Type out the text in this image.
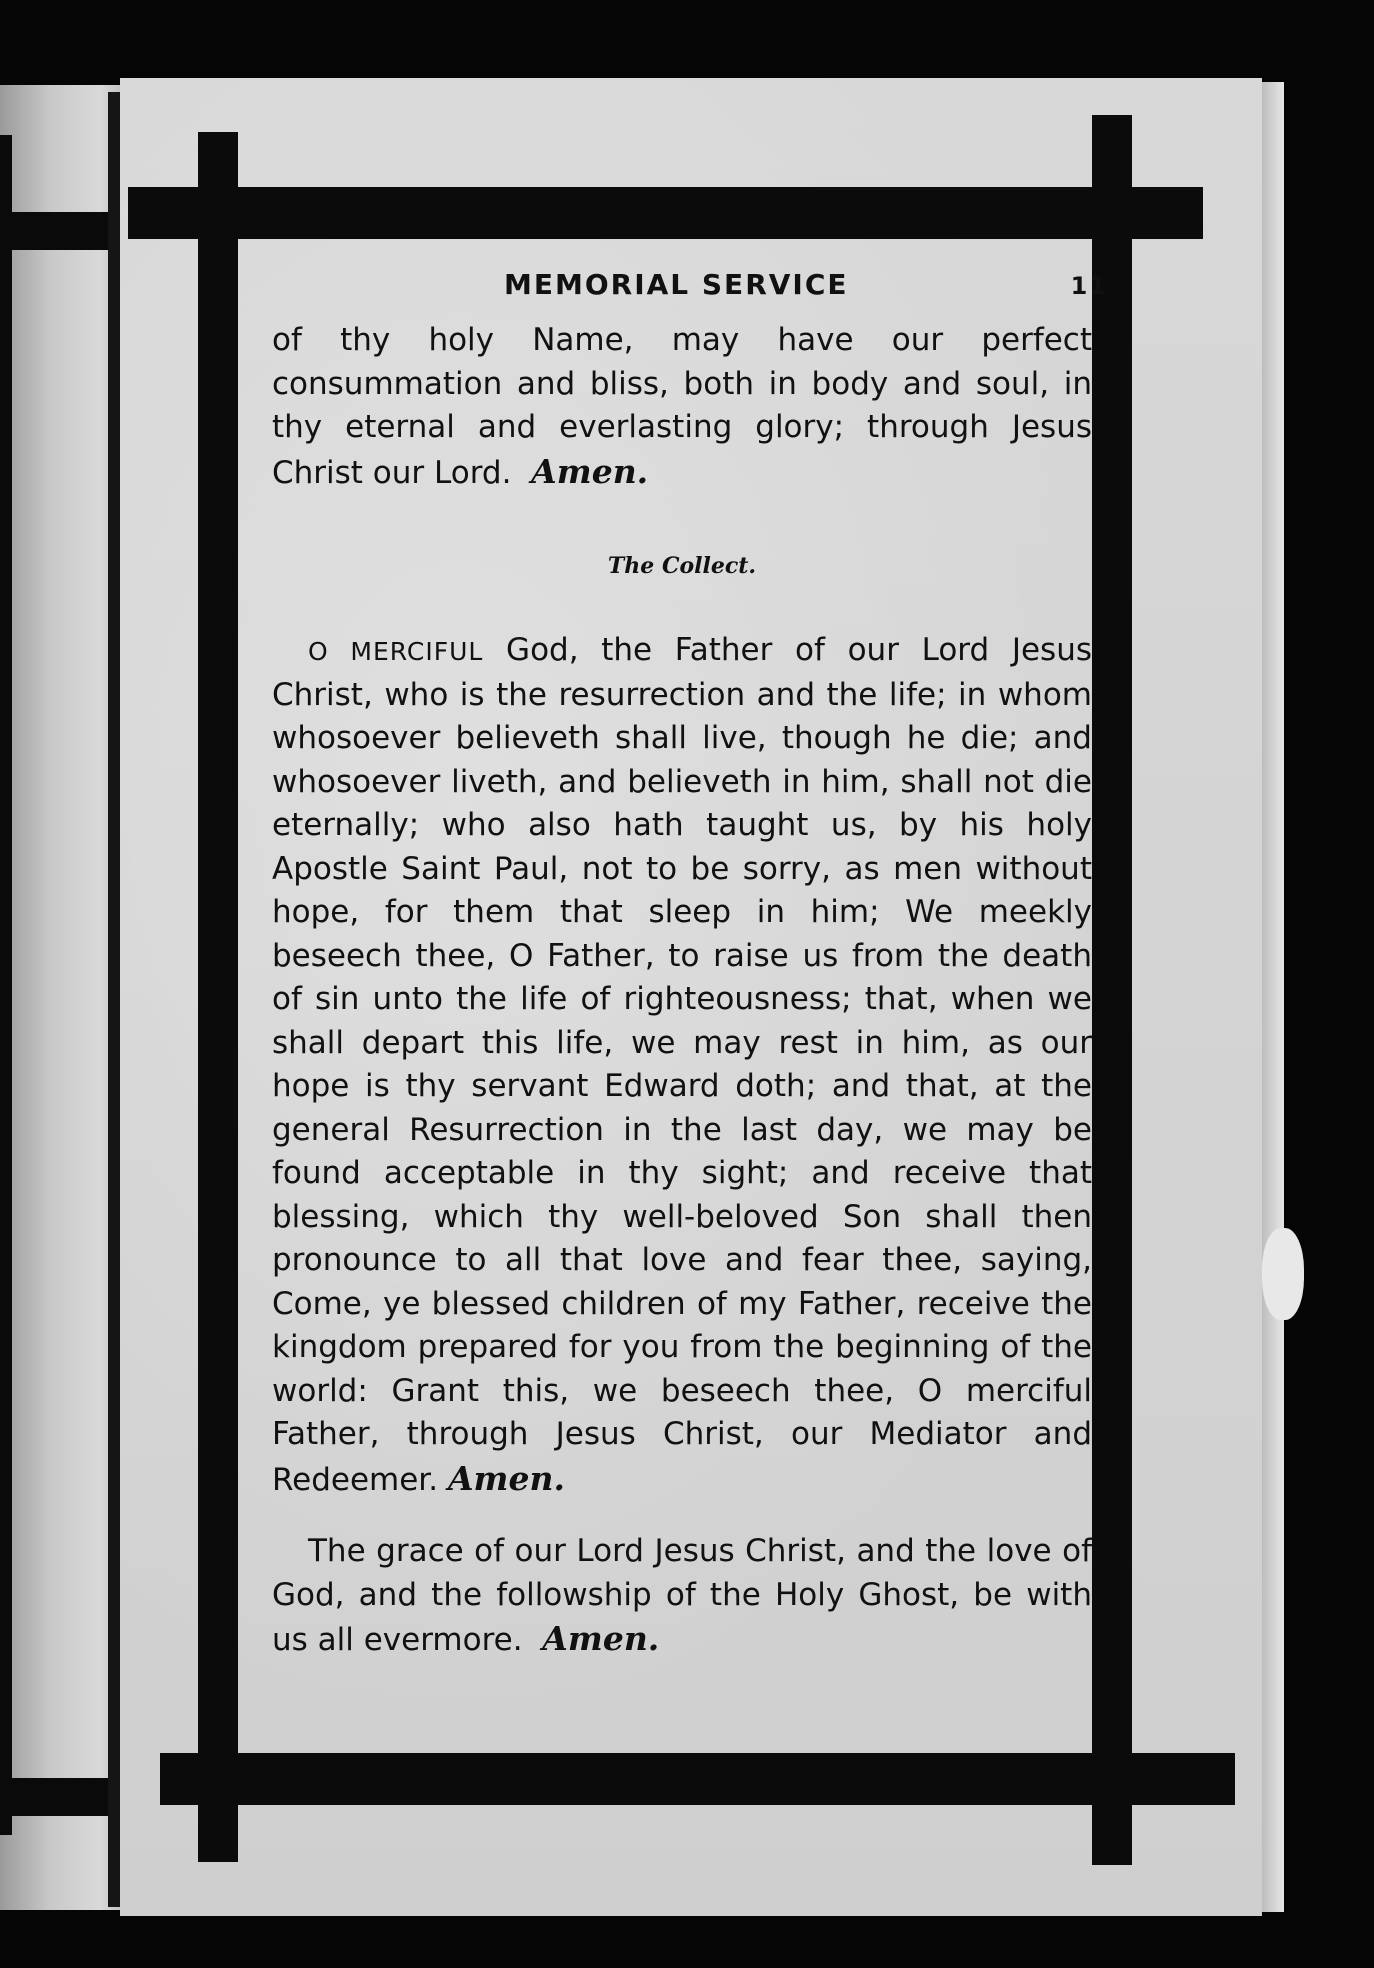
MEMORIAL SERVICE	11

of thy holy Name, may have our perfect consummation and bliss, both in body and soul, in thy eternal and everlasting glory; through Jesus Christ our Lord. Amen.

The Collect.

O MERCIFUL God, the Father of our Lord Jesus Christ, who is the resurrection and the life; in whom whosoever believeth shall live, though he die; and whosoever liveth, and believeth in him, shall not die eternally; who also hath taught us, by his holy Apostle Saint Paul, not to be sorry, as men without hope, for them that sleep in him; We meekly beseech thee, O Father, to raise us from the death of sin unto the life of righteousness; that, when we shall depart this life, we may rest in him, as our hope is thy servant Edward doth; and that, at the general Resurrection in the last day, we may be found acceptable in thy sight; and receive that blessing, which thy well-beloved Son shall then pronounce to all that love and fear thee, saying, Come, ye blessed children of my Father, receive the kingdom prepared for you from the beginning of the world: Grant this, we beseech thee, O merciful Father, through Jesus Christ, our Mediator and Redeemer. Amen.

The grace of our Lord Jesus Christ, and the love of God, and the followship of the Holy Ghost, be with us all evermore. Amen.
